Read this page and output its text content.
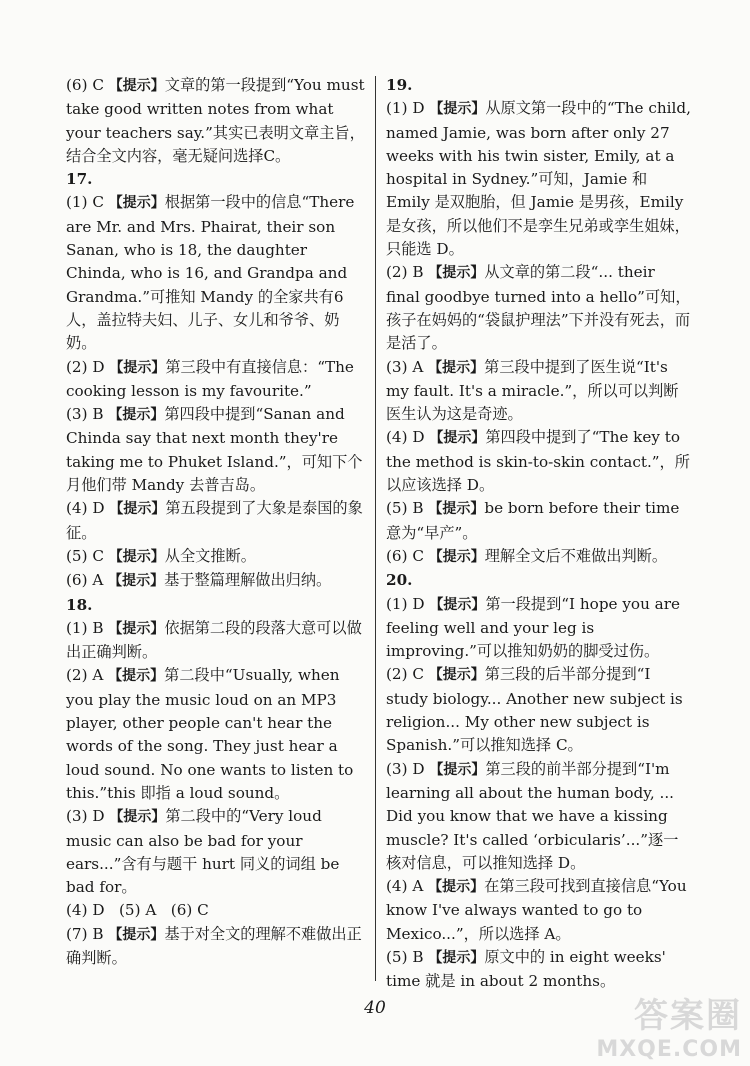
(6) C 【提示】文章的第一段提到“You must take good written notes from what your teachers say.”其实已表明文章主旨，结合全文内容，毫无疑问选择C。

17.

(1) C 【提示】根据第一段中的信息“There are Mr. and Mrs. Phairat, their son Sanan, who is 18, the daughter Chinda, who is 16, and Grandpa and Grandma.”可推知 Mandy 的全家共有6人，盖拉特夫妇、儿子、女儿和爷爷、奶奶。

(2) D 【提示】第三段中有直接信息：“The cooking lesson is my favourite.”

(3) B 【提示】第四段中提到“Sanan and Chinda say that next month they're taking me to Phuket Island.”，可知下个月他们带 Mandy 去普吉岛。

(4) D 【提示】第五段提到了大象是泰国的象征。

(5) C 【提示】从全文推断。

(6) A 【提示】基于整篇理解做出归纳。

18.

(1) B 【提示】依据第二段的段落大意可以做出正确判断。

(2) A 【提示】第二段中“Usually, when you play the music loud on an MP3 player, other people can't hear the words of the song. They just hear a loud sound. No one wants to listen to this.”this 即指 a loud sound。

(3) D 【提示】第二段中的“Very loud music can also be bad for your ears...”含有与题干 hurt 同义的词组 be bad for。

(4) D   (5) A   (6) C

(7) B 【提示】基于对全文的理解不难做出正确判断。

19.

(1) D 【提示】从原文第一段中的“The child, named Jamie, was born after only 27 weeks with his twin sister, Emily, at a hospital in Sydney.”可知，Jamie 和 Emily 是双胞胎，但 Jamie 是男孩，Emily 是女孩，所以他们不是孪生兄弟或孪生姐妹，只能选 D。

(2) B 【提示】从文章的第二段“... their final goodbye turned into a hello”可知，孩子在妈妈的“袋鼠护理法”下并没有死去，而是活了。

(3) A 【提示】第三段中提到了医生说“It's my fault. It's a miracle.”，所以可以判断医生认为这是奇迹。

(4) D 【提示】第四段中提到了“The key to the method is skin-to-skin contact.”，所以应该选择 D。

(5) B 【提示】be born before their time 意为“早产”。

(6) C 【提示】理解全文后不难做出判断。

20.

(1) D 【提示】第一段提到“I hope you are feeling well and your leg is improving.”可以推知奶奶的脚受过伤。

(2) C 【提示】第三段的后半部分提到“I study biology... Another new subject is religion... My other new subject is Spanish.”可以推知选择 C。

(3) D 【提示】第三段的前半部分提到“I'm learning all about the human body, ... Did you know that we have a kissing muscle? It's called ‘orbicularis’...”逐一核对信息，可以推知选择 D。

(4) A 【提示】在第三段可找到直接信息“You know I've always wanted to go to Mexico...”，所以选择 A。

(5) B 【提示】原文中的 in eight weeks' time 就是 in about 2 months。

40	答案圈
MXQE.COM
